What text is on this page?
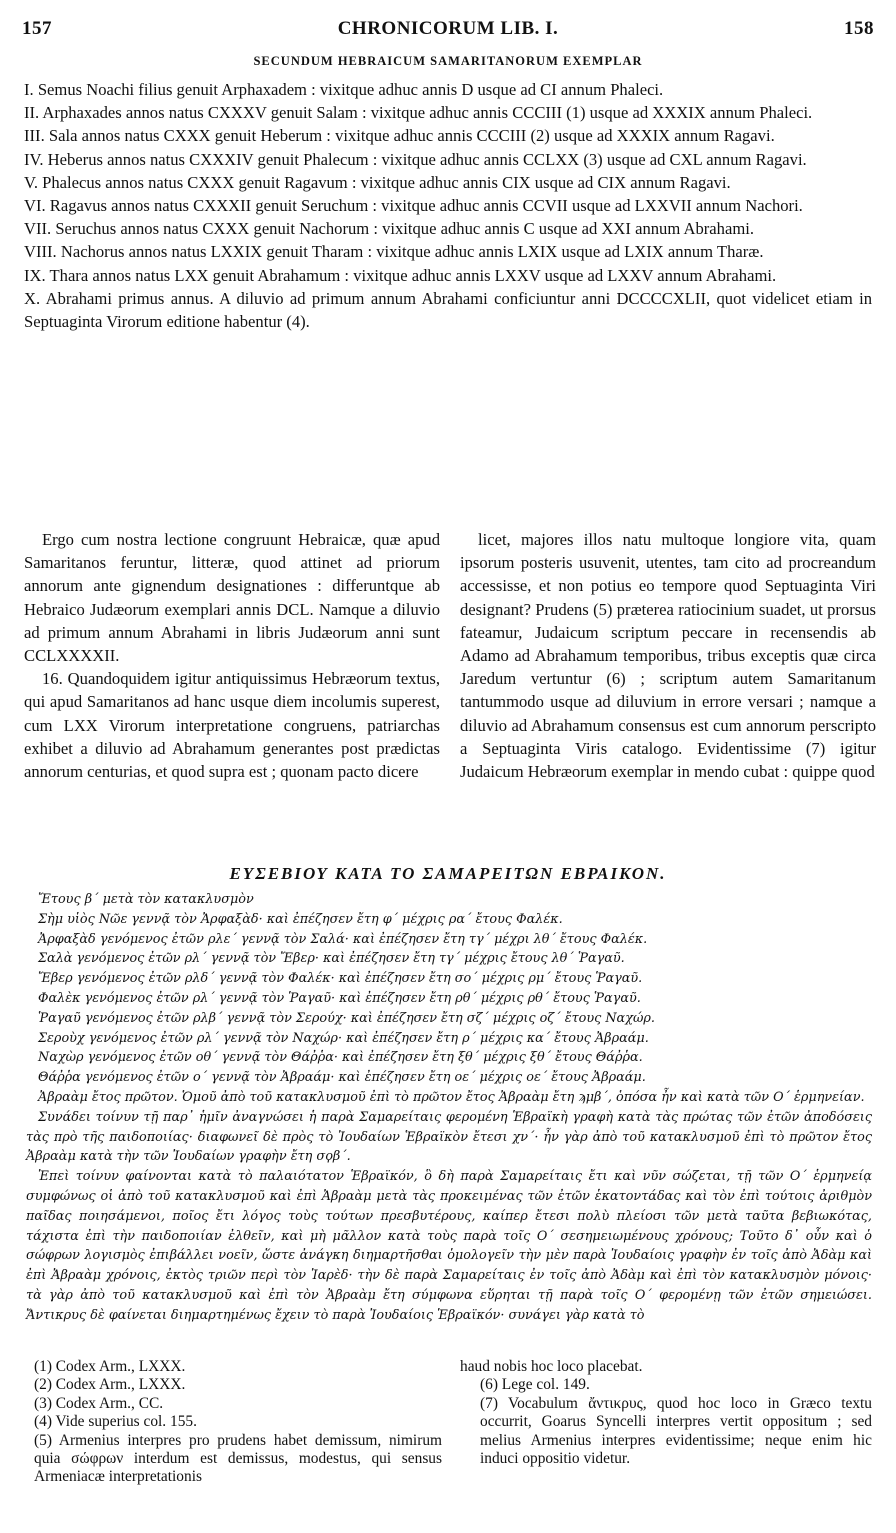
157	CHRONICORUM LIB. I.	158
SECUNDUM HEBRAICUM SAMARITANORUM EXEMPLAR

I. Semus Noachi filius genuit Arphaxadem : vixitque adhuc annis D usque ad CI annum Phaleci.

II. Arphaxades annos natus CXXXV genuit Salam : vixitque adhuc annis CCCIII (1) usque ad XXXIX annum Phaleci.

III. Sala annos natus CXXX genuit Heberum : vixitque adhuc annis CCCIII (2) usque ad XXXIX annum Ragavi.

IV. Heberus annos natus CXXXIV genuit Phalecum : vixitque adhuc annis CCLXX (3) usque ad CXL annum Ragavi.

V. Phalecus annos natus CXXX genuit Ragavum : vixitque adhuc annis CIX usque ad CIX annum Ragavi.

VI. Ragavus annos natus CXXXII genuit Seruchum : vixitque adhuc annis CCVII usque ad LXXVII annum Nachori.

VII. Seruchus annos natus CXXX genuit Nachorum : vixitque adhuc annis C usque ad XXI annum Abrahami.

VIII. Nachorus annos natus LXXIX genuit Tharam : vixitque adhuc annis LXIX usque ad LXIX annum Tharæ.

IX. Thara annos natus LXX genuit Abrahamum : vixitque adhuc annis LXXV usque ad LXXV annum Abrahami.

X. Abrahami primus annus. A diluvio ad primum annum Abrahami conficiuntur anni DCCCCXLII, quot videlicet etiam in Septuaginta Virorum editione habentur (4).

Ergo cum nostra lectione congruunt Hebraicæ, quæ apud Samaritanos feruntur, litteræ, quod attinet ad priorum annorum ante gignendum designationes : differuntque ab Hebraico Judæorum exemplari annis DCL. Namque a diluvio ad primum annum Abrahami in libris Judæorum anni sunt CCLXXXXII.

16. Quandoquidem igitur antiquissimus Hebræorum textus, qui apud Samaritanos ad hanc usque diem incolumis superest, cum LXX Virorum interpretatione congruens, patriarchas exhibet a diluvio ad Abrahamum generantes post prædictas annorum centurias, et quod supra est ; quonam pacto dicere

licet, majores illos natu multoque longiore vita, quam ipsorum posteris usuvenit, utentes, tam cito ad procreandum accessisse, et non potius eo tempore quod Septuaginta Viri designant? Prudens (5) præterea ratiocinium suadet, ut prorsus fateamur, Judaicum scriptum peccare in recensendis ab Adamo ad Abrahamum temporibus, tribus exceptis quæ circa Jaredum vertuntur (6) ; scriptum autem Samaritanum tantummodo usque ad diluvium in errore versari ; namque a diluvio ad Abrahamum consensus est cum annorum perscripto a Septuaginta Viris catalogo. Evidentissime (7) igitur Judaicum Hebræorum exemplar in mendo cubat : quippe quod

ΕΥΣΕΒΙΟΥ ΚΑΤΑ ΤΟ ΣΑΜΑΡΕΙΤΩΝ ΕΒΡΑΙΚΟΝ.

Ἔτους β´ μετὰ τὸν κατακλυσμὸν

Σὴμ υἱὸς Νῶε γεννᾷ τὸν Ἀρφαξὰδ· καὶ ἐπέζησεν ἔτη φ´ μέχρις ρα´ ἔτους Φαλέκ.

Ἀρφαξὰδ γενόμενος ἐτῶν ρλε´ γεννᾷ τὸν Σαλά· καὶ ἐπέζησεν ἔτη τγ´ μέχρι λθ´ ἔτους Φαλέκ.

Σαλὰ γενόμενος ἐτῶν ρλ´ γεννᾷ τὸν Ἔβερ· καὶ ἐπέζησεν ἔτη τγ´ μέχρις ἔτους λθ´ Ῥαγαῦ.

Ἔβερ γενόμενος ἐτῶν ρλδ´ γεννᾷ τὸν Φαλέκ· καὶ ἐπέζησεν ἔτη σο´ μέχρις ρμ´ ἔτους Ῥαγαῦ.

Φαλὲκ γενόμενος ἐτῶν ρλ´ γεννᾷ τὸν Ῥαγαῦ· καὶ ἐπέζησεν ἔτη ρθ´ μέχρις ρθ´ ἔτους Ῥαγαῦ.

Ῥαγαῦ γενόμενος ἐτῶν ρλβ´ γεννᾷ τὸν Σερούχ· καὶ ἐπέζησεν ἔτη σζ´ μέχρις οζ´ ἔτους Ναχώρ.

Σεροὺχ γενόμενος ἐτῶν ρλ´ γεννᾷ τὸν Ναχώρ· καὶ ἐπέζησεν ἔτη ρ´ μέχρις κα´ ἔτους Ἀβραάμ.

Ναχὼρ γενόμενος ἐτῶν οθ´ γεννᾷ τὸν Θάῤῥα· καὶ ἐπέζησεν ἔτη ξθ´ μέχρις ξθ´ ἔτους Θάῤῥα.

Θάῤῥα γενόμενος ἐτῶν ο´ γεννᾷ τὸν Ἀβραάμ· καὶ ἐπέζησεν ἔτη οε´ μέχρις οε´ ἔτους Ἀβραάμ.

Ἀβραὰμ ἔτος πρῶτον. Ὁμοῦ ἀπὸ τοῦ κατακλυσμοῦ ἐπὶ τὸ πρῶτον ἔτος Ἀβραὰμ ἔτη ϡμβ´, ὁπόσα ἦν καὶ κατὰ τῶν Ο´ ἑρμηνείαν.

Συνάδει τοίνυν τῇ παρ᾽ ἡμῖν ἀναγνώσει ἡ παρὰ Σαμαρείταις φερομένη Ἑβραϊκὴ γραφὴ κατὰ τὰς πρώτας τῶν ἐτῶν ἀποδόσεις τὰς πρὸ τῆς παιδοποιίας· διαφωνεῖ δὲ πρὸς τὸ Ἰουδαίων Ἑβραϊκὸν ἔτεσι χν´· ἦν γὰρ ἀπὸ τοῦ κατακλυσμοῦ ἐπὶ τὸ πρῶτον ἔτος Ἀβραὰμ κατὰ τὴν τῶν Ἰουδαίων γραφὴν ἔτη σϙβ´.

Ἐπεὶ τοίνυν φαίνονται κατὰ τὸ παλαιότατον Ἑβραϊκόν, ὃ δὴ παρὰ Σαμαρείταις ἔτι καὶ νῦν σώζεται, τῇ τῶν Ο´ ἑρμηνείᾳ συμφώνως οἱ ἀπὸ τοῦ κατακλυσμοῦ καὶ ἐπὶ Ἀβραὰμ μετὰ τὰς προκειμένας τῶν ἐτῶν ἑκατοντάδας καὶ τὸν ἐπὶ τούτοις ἀριθμὸν παῖδας ποιησάμενοι, ποῖος ἔτι λόγος τοὺς τούτων πρεσβυτέρους, καίπερ ἔτεσι πολὺ πλείοσι τῶν μετὰ ταῦτα βεβιωκότας, τάχιστα ἐπὶ τὴν παιδοποιίαν ἐλθεῖν, καὶ μὴ μᾶλλον κατὰ τοὺς παρὰ τοῖς Ο´ σεσημειωμένους χρόνους; Τοῦτο δ᾽ οὖν καὶ ὁ σώφρων λογισμὸς ἐπιβάλλει νοεῖν, ὥστε ἀνάγκη διημαρτῆσθαι ὁμολογεῖν τὴν μὲν παρὰ Ἰουδαίοις γραφὴν ἐν τοῖς ἀπὸ Ἀδὰμ καὶ ἐπὶ Ἀβραὰμ χρόνοις, ἐκτὸς τριῶν περὶ τὸν Ἰαρὲδ· τὴν δὲ παρὰ Σαμαρείταις ἐν τοῖς ἀπὸ Ἀδὰμ καὶ ἐπὶ τὸν κατακλυσμὸν μόνοις· τὰ γὰρ ἀπὸ τοῦ κατακλυσμοῦ καὶ ἐπὶ τὸν Ἀβραὰμ ἔτη σύμφωνα εὕρηται τῇ παρὰ τοῖς Ο´ φερομένῃ τῶν ἐτῶν σημειώσει. Ἄντικρυς δὲ φαίνεται διημαρτημένως ἔχειν τὸ παρὰ Ἰουδαίοις Ἑβραϊκόν· συνάγει γὰρ κατὰ τὸ

(1) Codex Arm., LXXX.

(2) Codex Arm., LXXX.

(3) Codex Arm., CC.

(4) Vide superius col. 155.

(5) Armenius interpres pro prudens habet demissum, nimirum quia σώφρων interdum est demissus, modestus, qui sensus Armeniacæ interpretationis

haud nobis hoc loco placebat.

(6) Lege col. 149.

(7) Vocabulum ἄντικρυς, quod hoc loco in Græco textu occurrit, Goarus Syncelli interpres vertit oppositum ; sed melius Armenius interpres evidentissime; neque enim hic induci oppositio videtur.
